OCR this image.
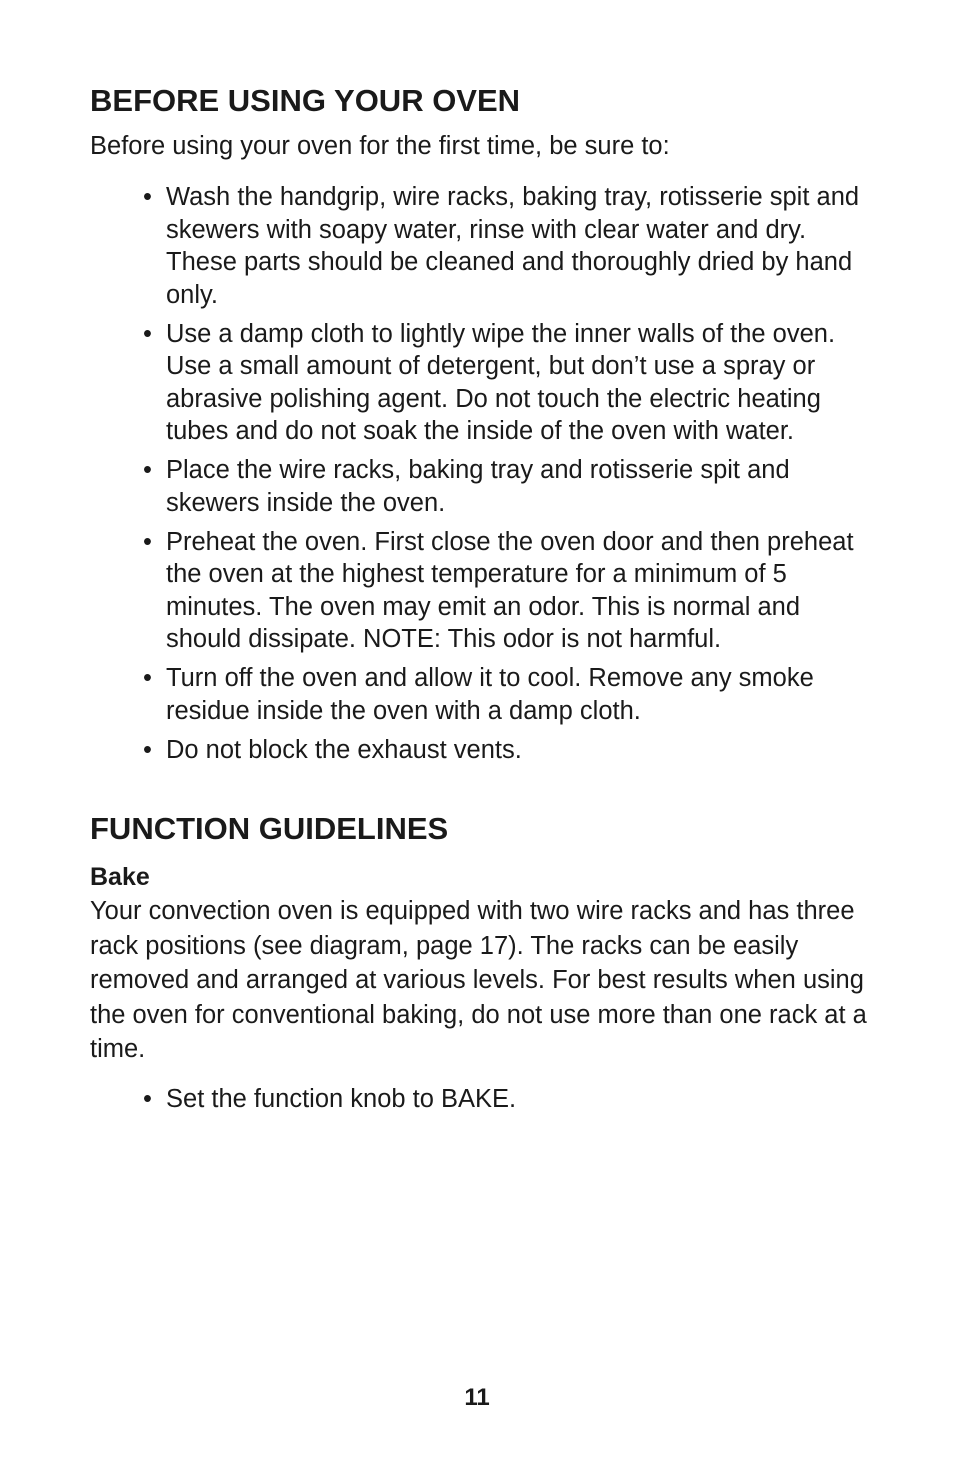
BEFORE USING YOUR OVEN

Before using your oven for the first time, be sure to:

• Wash the handgrip, wire racks, baking tray, rotisserie spit and skewers with soapy water, rinse with clear water and dry. These parts should be cleaned and thoroughly dried by hand only.
• Use a damp cloth to lightly wipe the inner walls of the oven. Use a small amount of detergent, but don’t use a spray or abrasive polishing agent. Do not touch the electric heating tubes and do not soak the inside of the oven with water.
• Place the wire racks, baking tray and rotisserie spit and skewers inside the oven.
• Preheat the oven. First close the oven door and then preheat the oven at the highest temperature for a minimum of 5 minutes. The oven may emit an odor. This is normal and should dissipate. NOTE: This odor is not harmful.
• Turn off the oven and allow it to cool. Remove any smoke residue inside the oven with a damp cloth.
• Do not block the exhaust vents.
FUNCTION GUIDELINES
Bake

Your convection oven is equipped with two wire racks and has three rack positions (see diagram, page 17). The racks can be easily removed and arranged at various levels. For best results when using the oven for conventional baking, do not use more than one rack at a time.

• Set the function knob to BAKE.
11
